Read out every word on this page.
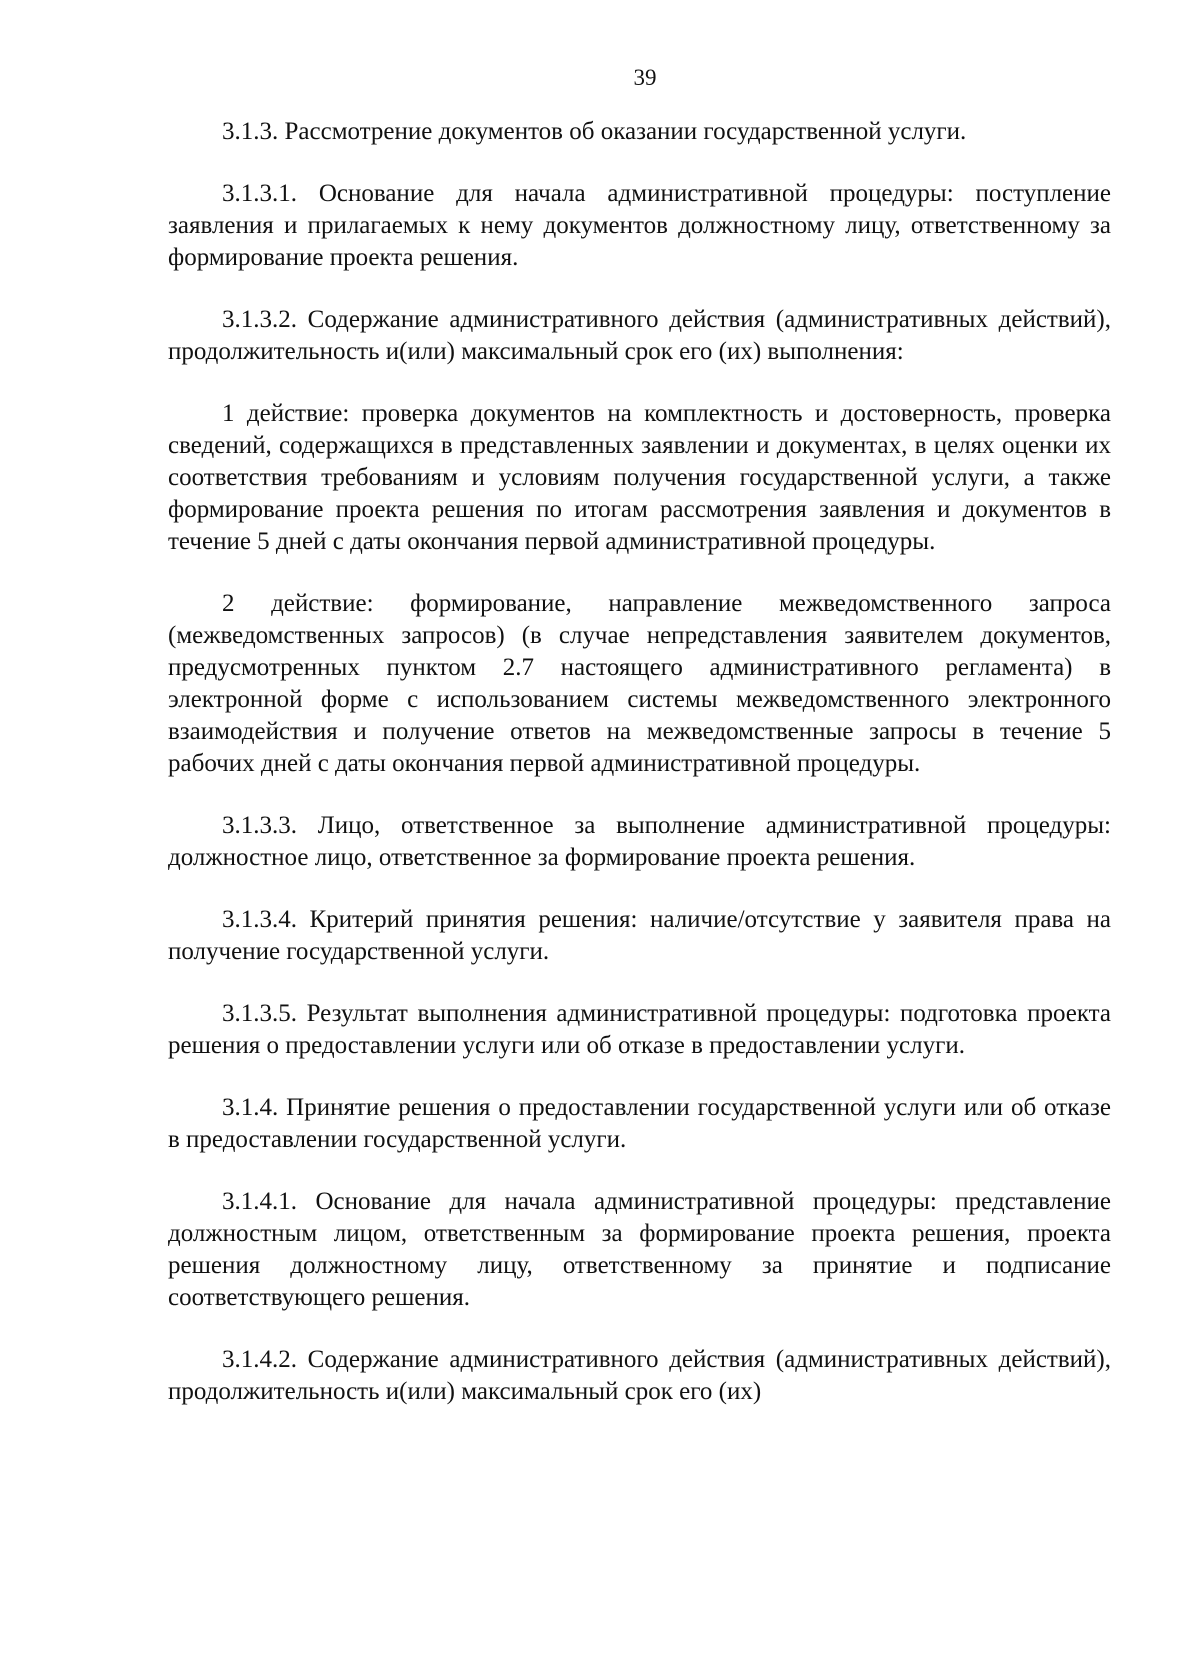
39

3.1.3. Рассмотрение документов об оказании государственной услуги.

3.1.3.1. Основание для начала административной процедуры: поступление заявления и прилагаемых к нему документов должностному лицу, ответственному за формирование проекта решения.

3.1.3.2. Содержание административного действия (административных действий), продолжительность и(или) максимальный срок его (их) выполнения:

1 действие: проверка документов на комплектность и достоверность, проверка сведений, содержащихся в представленных заявлении и документах, в целях оценки их соответствия требованиям и условиям получения государственной услуги, а также формирование проекта решения по итогам рассмотрения заявления и документов в течение 5 дней с даты окончания первой административной процедуры.

2 действие: формирование, направление межведомственного запроса (межведомственных запросов) (в случае непредставления заявителем документов, предусмотренных пунктом 2.7 настоящего административного регламента) в электронной форме с использованием системы межведомственного электронного взаимодействия и получение ответов на межведомственные запросы в течение 5 рабочих дней с даты окончания первой административной процедуры.

3.1.3.3. Лицо, ответственное за выполнение административной процедуры: должностное лицо, ответственное за формирование проекта решения.

3.1.3.4. Критерий принятия решения: наличие/отсутствие у заявителя права на получение государственной услуги.

3.1.3.5. Результат выполнения административной процедуры: подготовка проекта решения о предоставлении услуги или об отказе в предоставлении услуги.

3.1.4. Принятие решения о предоставлении государственной услуги или об отказе в предоставлении государственной услуги.

3.1.4.1. Основание для начала административной процедуры: представление должностным лицом, ответственным за формирование проекта решения, проекта решения должностному лицу, ответственному за принятие и подписание соответствующего решения.

3.1.4.2. Содержание административного действия (административных действий), продолжительность и(или) максимальный срок его (их)
